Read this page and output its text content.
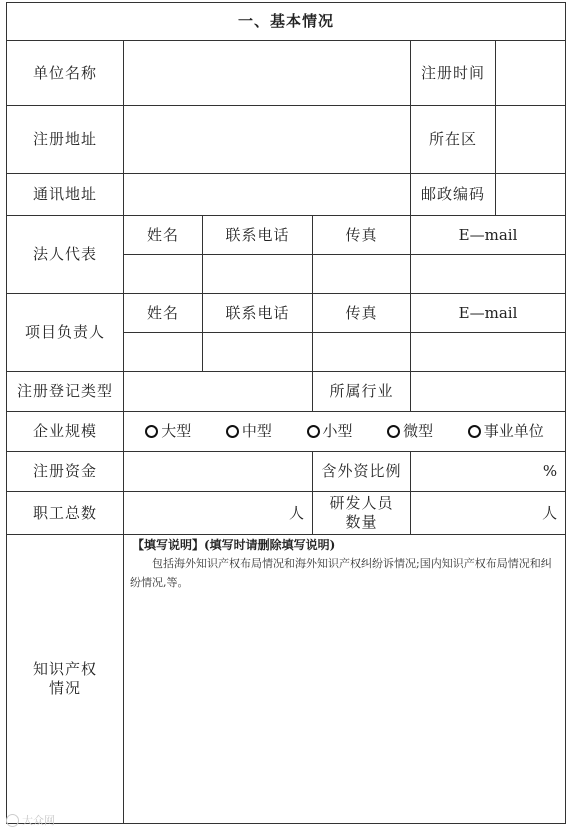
一、基本情况					
单位名称				注册时间	
注册地址				所在区	
通讯地址				邮政编码	
法人代表	姓名	联系电话	传真	E—mail	

项目负责人	姓名	联系电话	传真	E—mail	

注册登记类型			所属行业		
企业规模	大型 中型 小型 微型 事业单位				

注册资金			含外资比例	%	
职工总数	人		研发人员数量	人	
知识产权情况	【填写说明】(填写时请删除填写说明)
包括海外知识产权布局情况和海外知识产权纠纷诉情况;国内知识产权布局情况和纠纷情况,等。				
大众网
